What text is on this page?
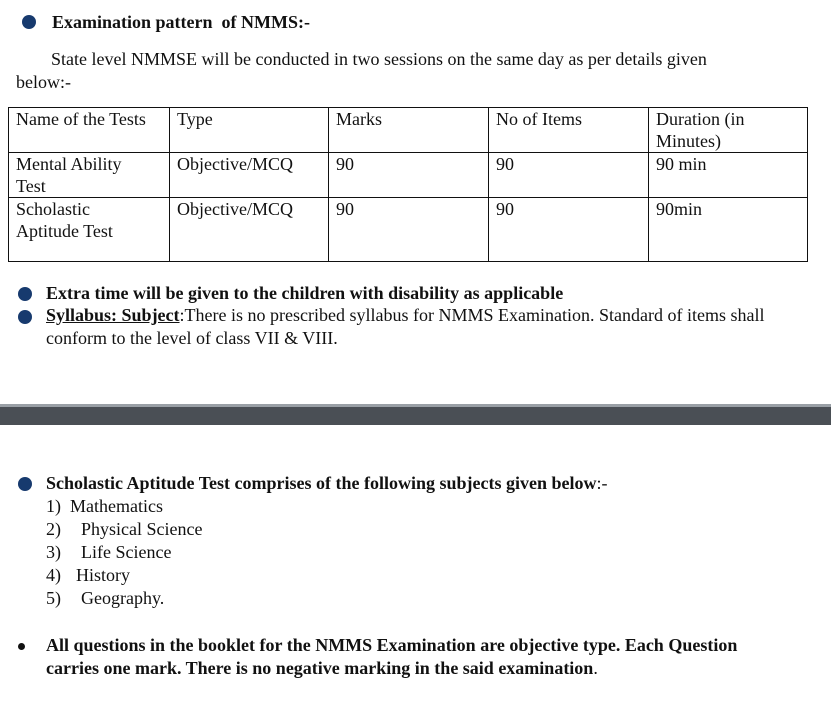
Examination pattern  of NMMS:-
State level NMMSE will be conducted in two sessions on the same day as per details given
below:-
Name of the Tests	Type	Marks	No of Items	Duration (in
Minutes)

Mental Ability
Test	Objective/MCQ	90	90	90 min

Scholastic
Aptitude Test	Objective/MCQ	90	90	90min
Extra time will be given to the children with disability as applicable
Syllabus: Subject:There is no prescribed syllabus for NMMS Examination. Standard of items shall
conform to the level of class VII & VIII.
Scholastic Aptitude Test comprises of the following subjects given below:-
1) Mathematics
2) Physical Science
3) Life Science
4) History
5) Geography.
All questions in the booklet for the NMMS Examination are objective type. Each Question
carries one mark. There is no negative marking in the said examination.
